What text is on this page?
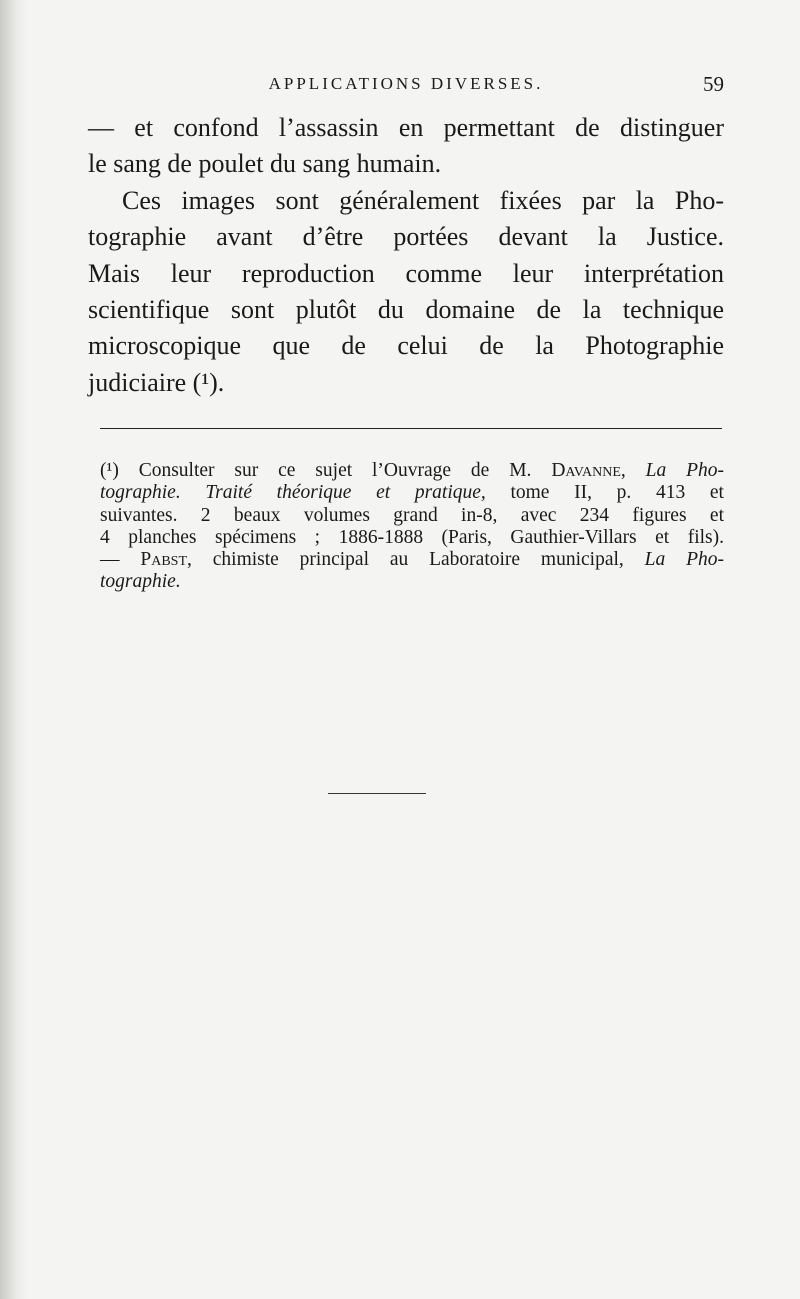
APPLICATIONS DIVERSES.	59
— et confond l’assassin en permettant de distinguer
le sang de poulet du sang humain.
Ces images sont généralement fixées par la Pho-
tographie avant d’être portées devant la Justice.
Mais leur reproduction comme leur interprétation
scientifique sont plutôt du domaine de la technique
microscopique que de celui de la Photographie
judiciaire (¹).
(¹) Consulter sur ce sujet l’Ouvrage de M. Davanne, La Pho-
tographie. Traité théorique et pratique, tome II, p. 413 et
suivantes. 2 beaux volumes grand in-8, avec 234 figures et
4 planches spécimens ; 1886-1888 (Paris, Gauthier-Villars et fils).
— Pabst, chimiste principal au Laboratoire municipal, La Pho-
tographie.
